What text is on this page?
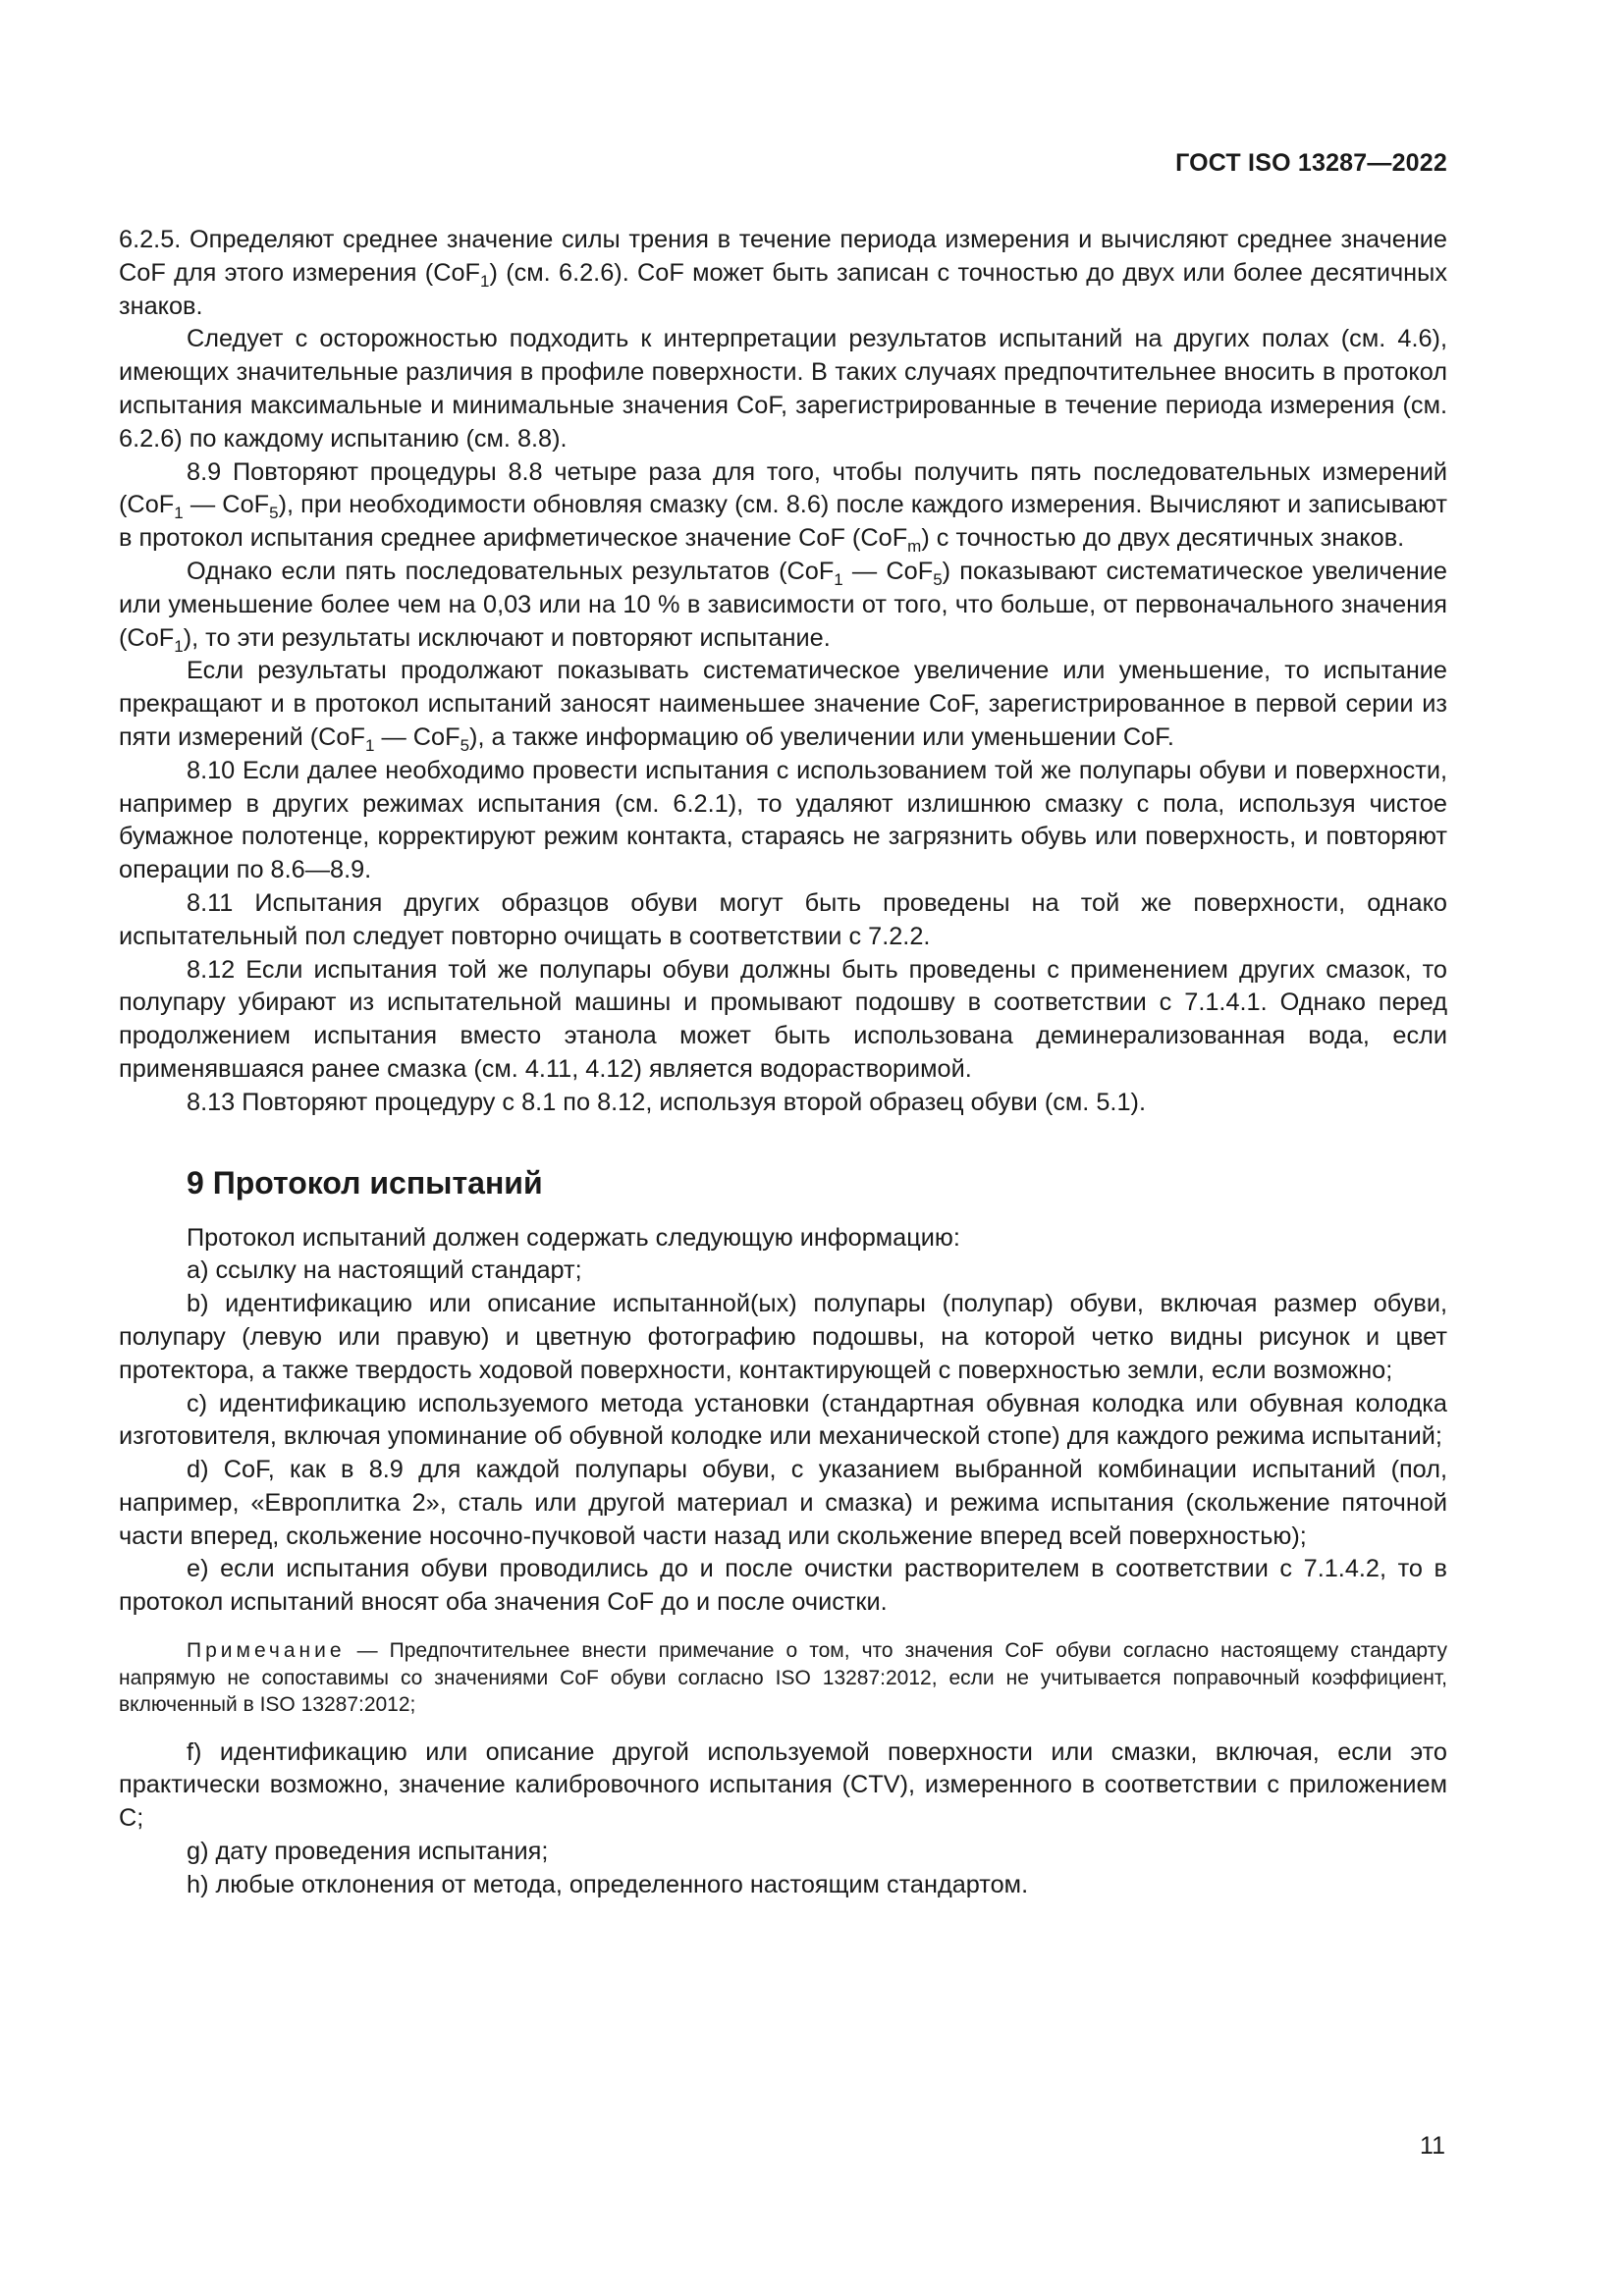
ГОСТ ISO 13287—2022

6.2.5. Определяют среднее значение силы трения в течение периода измерения и вычисляют среднее значение CoF для этого измерения (CoF$_1$) (см. 6.2.6). CoF может быть записан с точностью до двух или более десятичных знаков.

Следует с осторожностью подходить к интерпретации результатов испытаний на других полах (см. 4.6), имеющих значительные различия в профиле поверхности. В таких случаях предпочтительнее вносить в протокол испытания максимальные и минимальные значения CoF, зарегистрированные в течение периода измерения (см. 6.2.6) по каждому испытанию (см. 8.8).

8.9 Повторяют процедуры 8.8 четыре раза для того, чтобы получить пять последовательных измерений (CoF$_1$ — CoF$_5$), при необходимости обновляя смазку (см. 8.6) после каждого измерения. Вычисляют и записывают в протокол испытания среднее арифметическое значение CoF (CoF$_m$) с точностью до двух десятичных знаков.

Однако если пять последовательных результатов (CoF$_1$ — CoF$_5$) показывают систематическое увеличение или уменьшение более чем на 0,03 или на 10 % в зависимости от того, что больше, от первоначального значения (CoF$_1$), то эти результаты исключают и повторяют испытание.

Если результаты продолжают показывать систематическое увеличение или уменьшение, то испытание прекращают и в протокол испытаний заносят наименьшее значение CoF, зарегистрированное в первой серии из пяти измерений (CoF$_1$ — CoF$_5$), а также информацию об увеличении или уменьшении CoF.

8.10 Если далее необходимо провести испытания с использованием той же полупары обуви и поверхности, например в других режимах испытания (см. 6.2.1), то удаляют излишнюю смазку с пола, используя чистое бумажное полотенце, корректируют режим контакта, стараясь не загрязнить обувь или поверхность, и повторяют операции по 8.6—8.9.

8.11 Испытания других образцов обуви могут быть проведены на той же поверхности, однако испытательный пол следует повторно очищать в соответствии с 7.2.2.

8.12 Если испытания той же полупары обуви должны быть проведены с применением других смазок, то полупару убирают из испытательной машины и промывают подошву в соответствии с 7.1.4.1. Однако перед продолжением испытания вместо этанола может быть использована деминерализованная вода, если применявшаяся ранее смазка (см. 4.11, 4.12) является водорастворимой.

8.13 Повторяют процедуру с 8.1 по 8.12, используя второй образец обуви (см. 5.1).

9 Протокол испытаний

Протокол испытаний должен содержать следующую информацию:

a) ссылку на настоящий стандарт;

b) идентификацию или описание испытанной(ых) полупары (полупар) обуви, включая размер обуви, полупару (левую или правую) и цветную фотографию подошвы, на которой четко видны рисунок и цвет протектора, а также твердость ходовой поверхности, контактирующей с поверхностью земли, если возможно;

c) идентификацию используемого метода установки (стандартная обувная колодка или обувная колодка изготовителя, включая упоминание об обувной колодке или механической стопе) для каждого режима испытаний;

d) CoF, как в 8.9 для каждой полупары обуви, с указанием выбранной комбинации испытаний (пол, например, «Европлитка 2», сталь или другой материал и смазка) и режима испытания (скольжение пяточной части вперед, скольжение носочно-пучковой части назад или скольжение вперед всей поверхностью);

e) если испытания обуви проводились до и после очистки растворителем в соответствии с 7.1.4.2, то в протокол испытаний вносят оба значения CoF до и после очистки.

Примечание — Предпочтительнее внести примечание о том, что значения CoF обуви согласно настоящему стандарту напрямую не сопоставимы со значениями CoF обуви согласно ISO 13287:2012, если не учитывается поправочный коэффициент, включенный в ISO 13287:2012;

f) идентификацию или описание другой используемой поверхности или смазки, включая, если это практически возможно, значение калибровочного испытания (CTV), измеренного в соответствии с приложением С;

g) дату проведения испытания;

h) любые отклонения от метода, определенного настоящим стандартом.

11
